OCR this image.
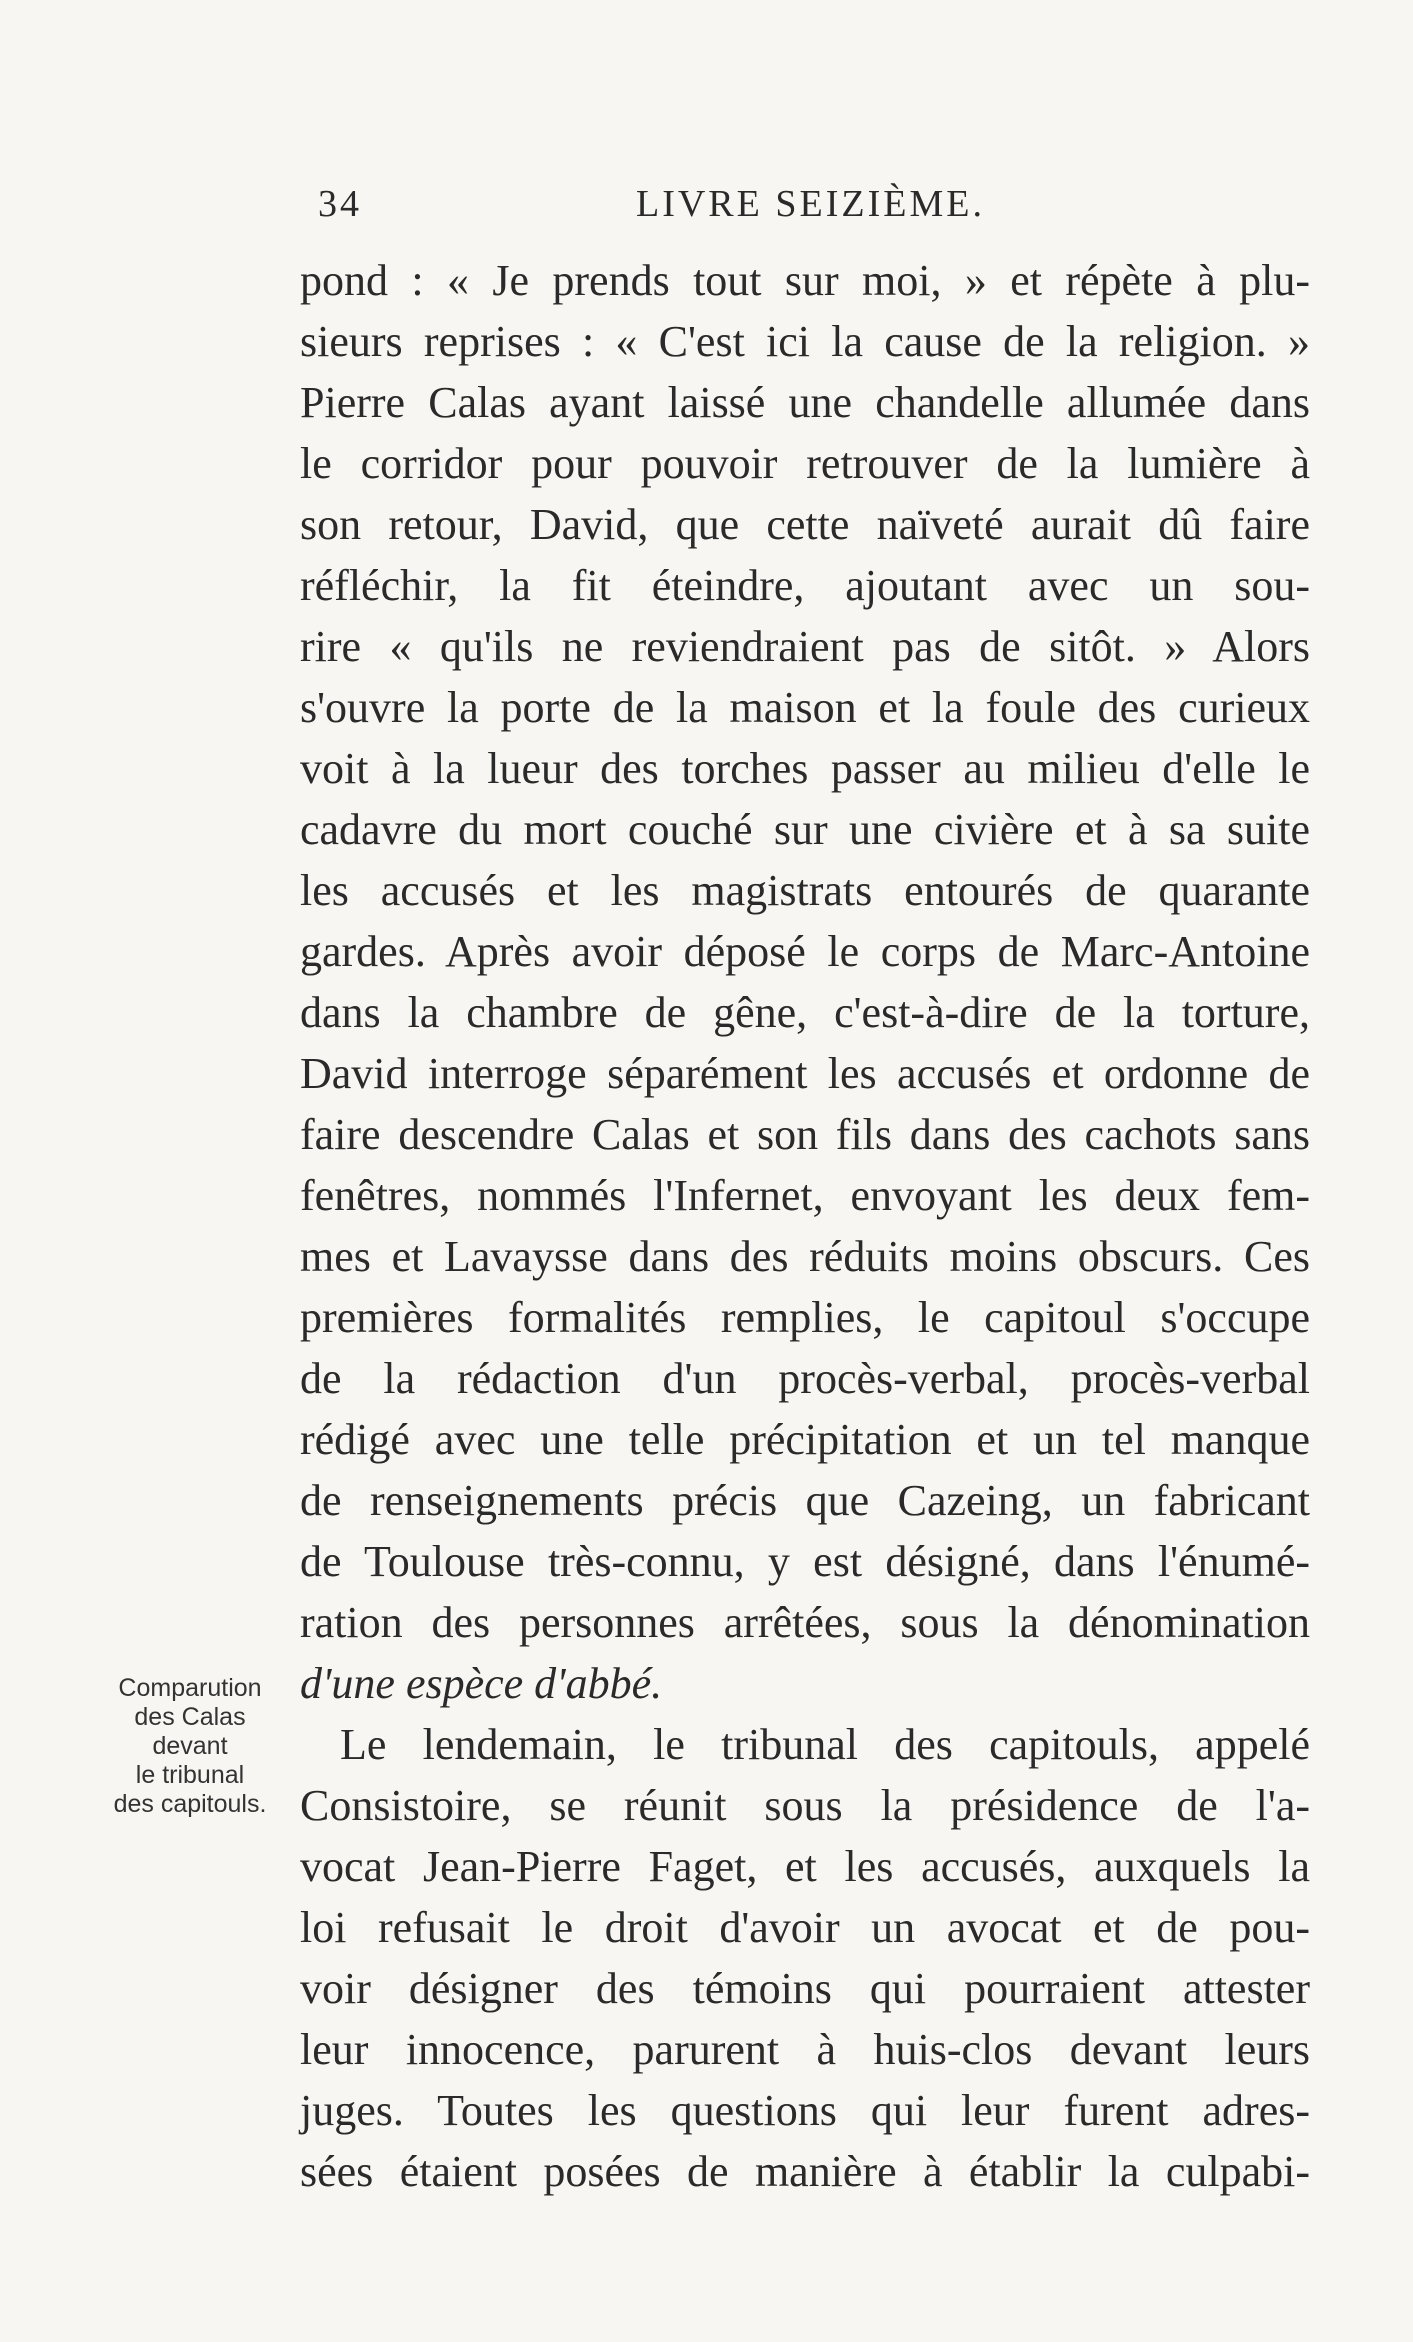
34	LIVRE SEIZIÈME.
Comparution
des Calas
devant
le tribunal
des capitouls.
pond : « Je prends tout sur moi, » et répète à plu-
sieurs reprises : « C'est ici la cause de la religion. »
Pierre Calas ayant laissé une chandelle allumée dans
le corridor pour pouvoir retrouver de la lumière à
son retour, David, que cette naïveté aurait dû faire
réfléchir, la fit éteindre, ajoutant avec un sou-
rire « qu'ils ne reviendraient pas de sitôt. » Alors
s'ouvre la porte de la maison et la foule des curieux
voit à la lueur des torches passer au milieu d'elle le
cadavre du mort couché sur une civière et à sa suite
les accusés et les magistrats entourés de quarante
gardes. Après avoir déposé le corps de Marc-Antoine
dans la chambre de gêne, c'est-à-dire de la torture,
David interroge séparément les accusés et ordonne de
faire descendre Calas et son fils dans des cachots sans
fenêtres, nommés l'Infernet, envoyant les deux fem-
mes et Lavaysse dans des réduits moins obscurs. Ces
premières formalités remplies, le capitoul s'occupe
de la rédaction d'un procès-verbal, procès-verbal
rédigé avec une telle précipitation et un tel manque
de renseignements précis que Cazeing, un fabricant
de Toulouse très-connu, y est désigné, dans l'énumé-
ration des personnes arrêtées, sous la dénomination
d'une espèce d'abbé.
Le lendemain, le tribunal des capitouls, appelé
Consistoire, se réunit sous la présidence de l'a-
vocat Jean-Pierre Faget, et les accusés, auxquels la
loi refusait le droit d'avoir un avocat et de pou-
voir désigner des témoins qui pourraient attester
leur innocence, parurent à huis-clos devant leurs
juges. Toutes les questions qui leur furent adres-
sées étaient posées de manière à établir la culpabi-
